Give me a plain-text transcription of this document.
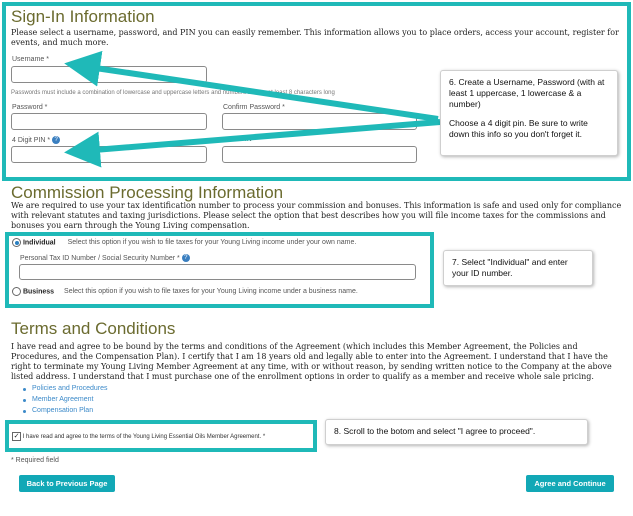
Sign-In Information
Please select a username, password, and PIN you can easily remember. This information allows you to place orders, access your account, register for events, and much more.
Username *
Passwords must include a combination of lowercase and uppercase letters and numbers and be at least 8 characters long
Password *	Confirm Password *
4 Digit PIN * ?
6. Create a Username, Password (with at least 1 uppercase, 1 lowercase & a number)
Choose a 4 digit pin. Be sure to write down this info so you don't forget it.
Commission Processing Information
We are required to use your tax identification number to process your commission and bonuses. This information is safe and used only for compliance with relevant statutes and taxing jurisdictions. Please select the option that best describes how you will file income taxes for the commissions and bonuses you earn through the Young Living compensation.
Individual Select this option if you wish to file taxes for your Young Living income under your own name.
Personal Tax ID Number / Social Security Number * ?
Business Select this option if you wish to file taxes for your Young Living income under a business name.
7. Select "Individual" and enter your ID number.
Terms and Conditions
I have read and agree to be bound by the terms and conditions of the Agreement (which includes this Member Agreement, the Policies and Procedures, and the Compensation Plan). I certify that I am 18 years old and legally able to enter into the Agreement. I understand that I have the right to terminate my Young Living Member Agreement at any time, with or without reason, by sending written notice to the Company at the above listed address. I understand that I must purchase one of the enrollment options in order to qualify as a member and receive whole sale pricing.
Policies and Procedures
Member Agreement
Compensation Plan
✓ I have read and agree to the terms of the Young Living Essential Oils Member Agreement. *
8. Scroll to the botom and select "I agree to proceed".
* Required field
Back to Previous Page	Agree and Continue
